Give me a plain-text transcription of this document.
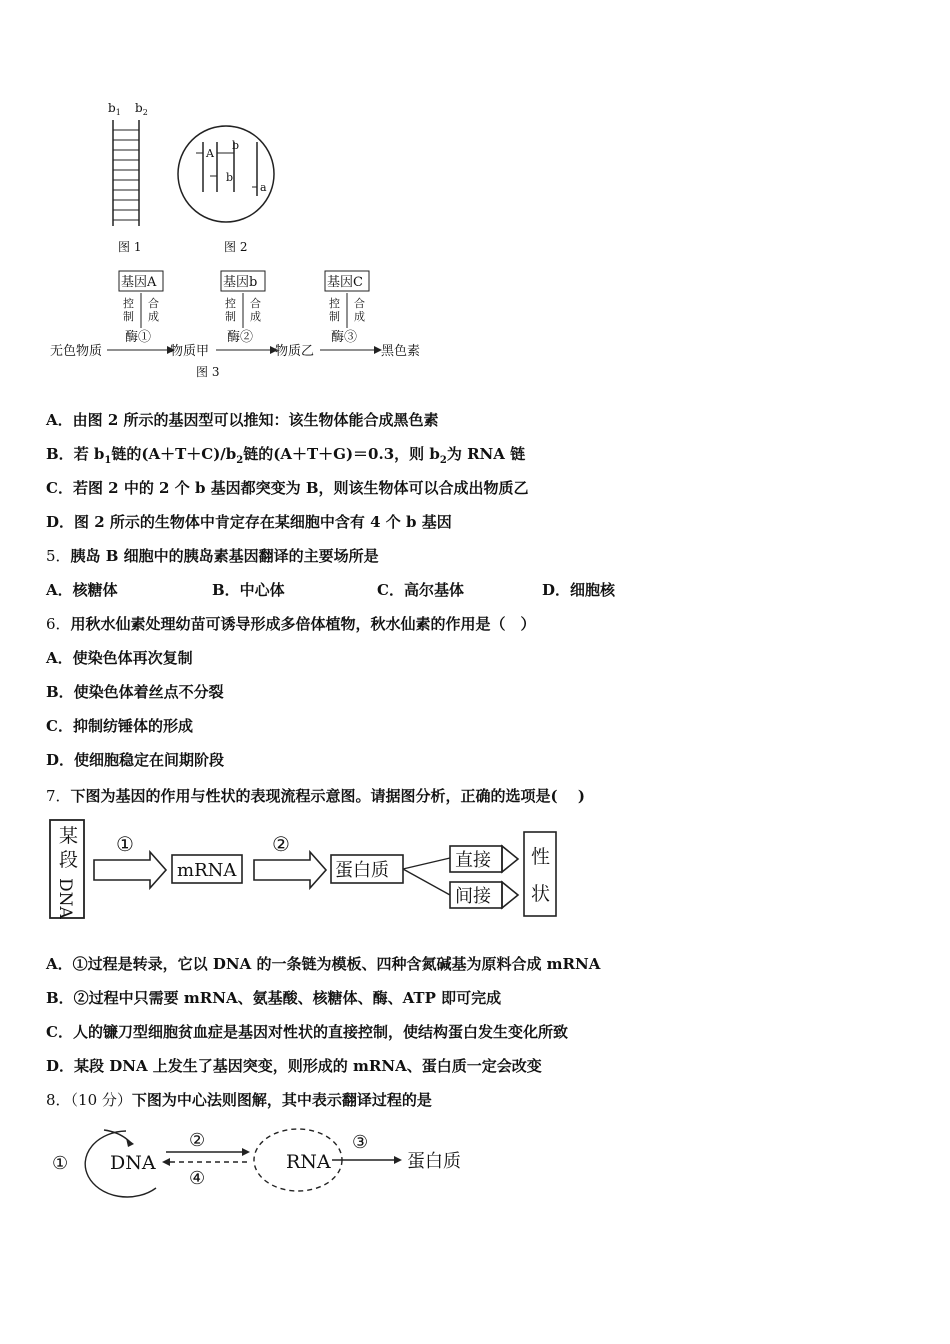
$b_1$ $b_2$
图 1
A
b
b
a
图 2
基因A	基因b	基因C
控
制
合
成
控
制
合
成
控
制
合
成
酶①	酶②	酶③
无色物质	物质甲	物质乙	黑色素
图 3
A．由图 2 所示的基因型可以推知：该生物体能合成黑色素
B．若 $b_1$链的$(A+T+C)/b_2$链的(A＋T＋G)＝0.3，则 $b_2$为 RNA 链
C．若图 2 中的 2 个 b 基因都突变为 B，则该生物体可以合成出物质乙
D．图 2 所示的生物体中肯定存在某细胞中含有 4 个 b 基因
5．胰岛 B 细胞中的胰岛素基因翻译的主要场所是
A．核糖体	B．中心体	C．高尔基体	D．细胞核
6．用秋水仙素处理幼苗可诱导形成多倍体植物，秋水仙素的作用是（　）
A．使染色体再次复制
B．使染色体着丝点不分裂
C．抑制纺锤体的形成
D．使细胞稳定在间期阶段
7．下图为基因的作用与性状的表现流程示意图。请据图分析，正确的选项是(　 )
某
段
DNA
①
mRNA
②
蛋白质	直接
间接
性
状
A．①过程是转录，它以 DNA 的一条链为模板、四种含氮碱基为原料合成 mRNA
B．②过程中只需要 mRNA、氨基酸、核糖体、酶、ATP 即可完成
C．人的镰刀型细胞贫血症是基因对性状的直接控制，使结构蛋白发生变化所致
D．某段 DNA 上发生了基因突变，则形成的 mRNA、蛋白质一定会改变
8．（10 分）下图为中心法则图解，其中表示翻译过程的是
① DNA
②
④
RNA
③
蛋白质
